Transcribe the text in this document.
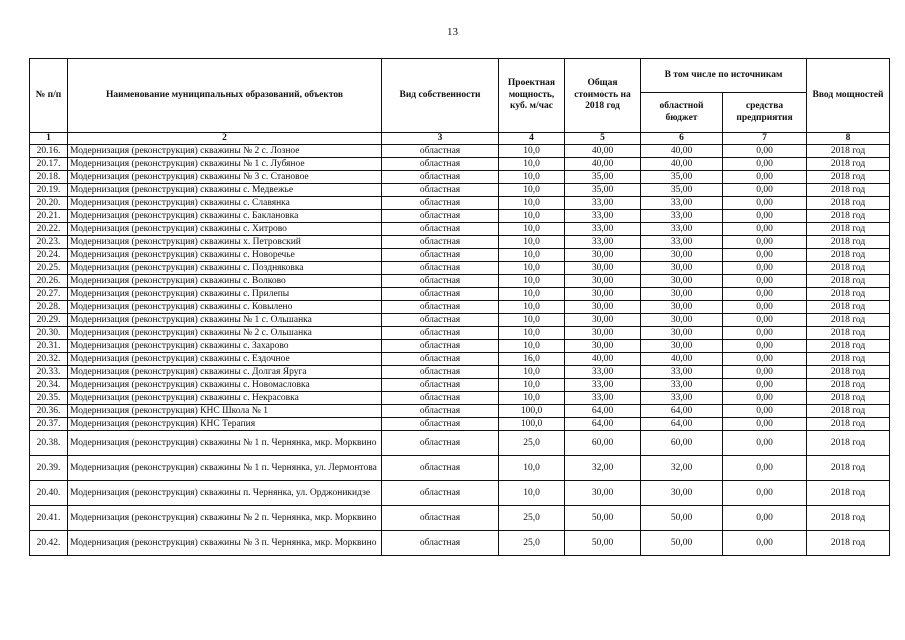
13
№ п/п	Наименование муниципальных образований, объектов	Вид собственности	Проектная мощность, куб. м/час	Общая стоимость на 2018 год	В том числе по источникам		Ввод мощностей
					областной бюджет	средства предприятия	
1	2	3	4	5	6	7	8
20.16.	Модернизация (реконструкция) скважины № 2 с. Лозное	областная	10,0	40,00	40,00	0,00	2018 год
20.17.	Модернизация (реконструкция) скважины № 1 с. Лубяное	областная	10,0	40,00	40,00	0,00	2018 год
20.18.	Модернизация (реконструкция) скважины № 3 с. Становое	областная	10,0	35,00	35,00	0,00	2018 год
20.19.	Модернизация (реконструкция) скважины с. Медвежье	областная	10,0	35,00	35,00	0,00	2018 год
20.20.	Модернизация (реконструкция) скважины с. Славянка	областная	10,0	33,00	33,00	0,00	2018 год
20.21.	Модернизация (реконструкция) скважины с. Баклановка	областная	10,0	33,00	33,00	0,00	2018 год
20.22.	Модернизация (реконструкция) скважины с. Хитрово	областная	10,0	33,00	33,00	0,00	2018 год
20.23.	Модернизация (реконструкция) скважины х. Петровский	областная	10,0	33,00	33,00	0,00	2018 год
20.24.	Модернизация (реконструкция) скважины с. Новоречье	областная	10,0	30,00	30,00	0,00	2018 год
20.25.	Модернизация (реконструкция) скважины с. Поздняковка	областная	10,0	30,00	30,00	0,00	2018 год
20.26.	Модернизация (реконструкция) скважины с. Волково	областная	10,0	30,00	30,00	0,00	2018 год
20.27.	Модернизация (реконструкция) скважины с. Прилепы	областная	10,0	30,00	30,00	0,00	2018 год
20.28.	Модернизация (реконструкция) скважины с. Ковылено	областная	10,0	30,00	30,00	0,00	2018 год
20.29.	Модернизация (реконструкция) скважины № 1 с. Ольшанка	областная	10,0	30,00	30,00	0,00	2018 год
20.30.	Модернизация (реконструкция) скважины № 2 с. Ольшанка	областная	10,0	30,00	30,00	0,00	2018 год
20.31.	Модернизация (реконструкция) скважины с. Захарово	областная	10,0	30,00	30,00	0,00	2018 год
20.32.	Модернизация (реконструкция) скважины с. Ездочное	областная	16,0	40,00	40,00	0,00	2018 год
20.33.	Модернизация (реконструкция) скважины с. Долгая Яруга	областная	10,0	33,00	33,00	0,00	2018 год
20.34.	Модернизация (реконструкция) скважины с. Новомасловка	областная	10,0	33,00	33,00	0,00	2018 год
20.35.	Модернизация (реконструкция) скважины с. Некрасовка	областная	10,0	33,00	33,00	0,00	2018 год
20.36.	Модернизация (реконструкция) КНС Школа № 1	областная	100,0	64,00	64,00	0,00	2018 год
20.37.	Модернизация (реконструкция) КНС Терапия	областная	100,0	64,00	64,00	0,00	2018 год
20.38.	Модернизация (реконструкция) скважины № 1 п. Чернянка, мкр. Морквино	областная	25,0	60,00	60,00	0,00	2018 год
20.39.	Модернизация (реконструкция) скважины № 1 п. Чернянка, ул. Лермонтова	областная	10,0	32,00	32,00	0,00	2018 год
20.40.	Модернизация (реконструкция) скважины п. Чернянка, ул. Орджоникидзе	областная	10,0	30,00	30,00	0,00	2018 год
20.41.	Модернизация (реконструкция) скважины № 2 п. Чернянка, мкр. Морквино	областная	25,0	50,00	50,00	0,00	2018 год
20.42.	Модернизация (реконструкция) скважины № 3 п. Чернянка, мкр. Морквино	областная	25,0	50,00	50,00	0,00	2018 год
